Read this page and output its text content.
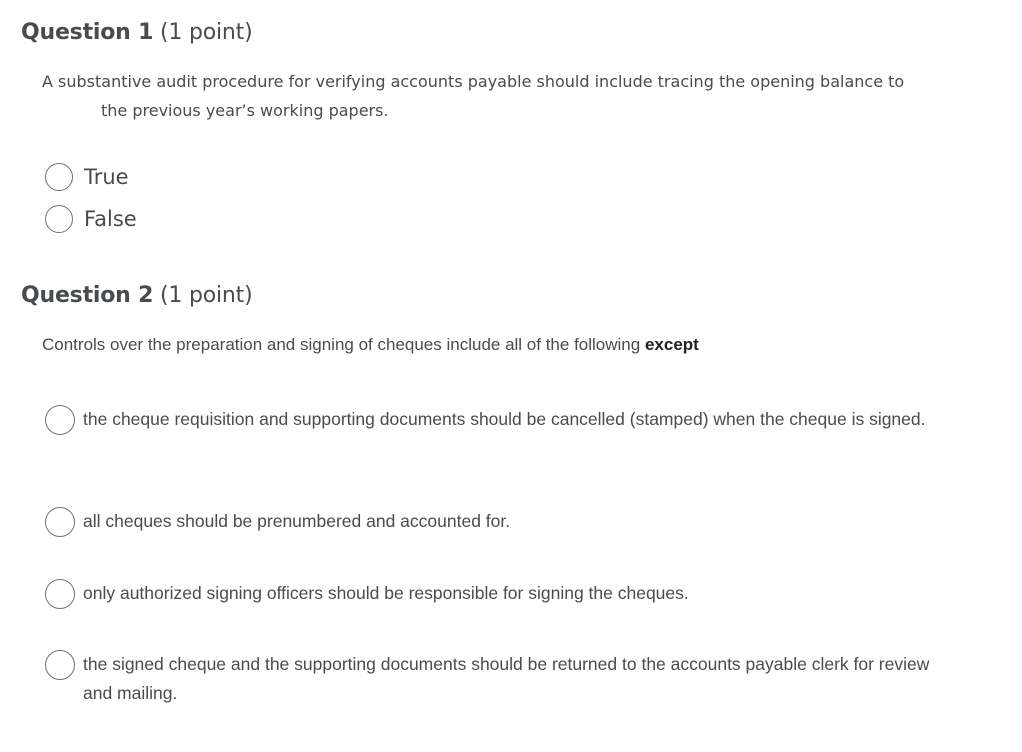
Question 1 (1 point)
A substantive audit procedure for verifying accounts payable should include tracing the opening balance to
the previous year’s working papers.
True
False
Question 2 (1 point)
Controls over the preparation and signing of cheques include all of the following except
the cheque requisition and supporting documents should be cancelled (stamped) when the cheque is signed.
all cheques should be prenumbered and accounted for.
only authorized signing officers should be responsible for signing the cheques.
the signed cheque and the supporting documents should be returned to the accounts payable clerk for review and mailing.
